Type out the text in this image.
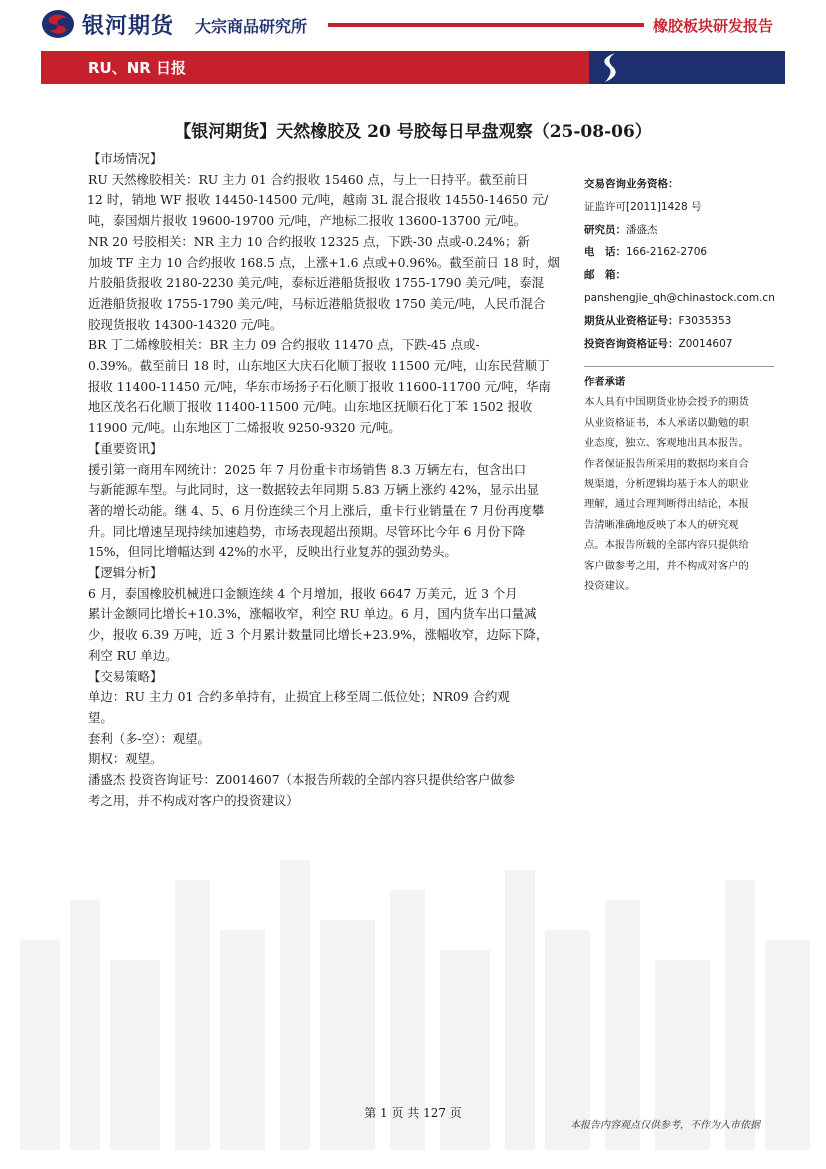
银河期货 大宗商品研究所	橡胶板块研发报告
RU、NR 日报
【银河期货】天然橡胶及 20 号胶每日早盘观察（25-08-06）

【市场情况】

RU 天然橡胶相关：RU 主力 01 合约报收 15460 点，与上一日持平。截至前日

12 时，销地 WF 报收 14450-14500 元/吨，越南 3L 混合报收 14550-14650 元/

吨，泰国烟片报收 19600-19700 元/吨，产地标二报收 13600-13700 元/吨。

NR 20 号胶相关：NR 主力 10 合约报收 12325 点，下跌-30 点或-0.24%；新

加坡 TF 主力 10 合约报收 168.5 点，上涨+1.6 点或+0.96%。截至前日 18 时，烟

片胶船货报收 2180-2230 美元/吨，泰标近港船货报收 1755-1790 美元/吨，泰混

近港船货报收 1755-1790 美元/吨，马标近港船货报收 1750 美元/吨，人民币混合

胶现货报收 14300-14320 元/吨。

BR 丁二烯橡胶相关：BR 主力 09 合约报收 11470 点，下跌-45 点或-

0.39%。截至前日 18 时，山东地区大庆石化顺丁报收 11500 元/吨，山东民营顺丁

报收 11400-11450 元/吨，华东市场扬子石化顺丁报收 11600-11700 元/吨，华南

地区茂名石化顺丁报收 11400-11500 元/吨。山东地区抚顺石化丁苯 1502 报收

11900 元/吨。山东地区丁二烯报收 9250-9320 元/吨。

【重要资讯】

援引第一商用车网统计：2025 年 7 月份重卡市场销售 8.3 万辆左右，包含出口

与新能源车型。与此同时，这一数据较去年同期 5.83 万辆上涨约 42%，显示出显

著的增长动能。继 4、5、6 月份连续三个月上涨后，重卡行业销量在 7 月份再度攀

升。同比增速呈现持续加速趋势，市场表现超出预期。尽管环比今年 6 月份下降

15%，但同比增幅达到 42%的水平，反映出行业复苏的强劲势头。

【逻辑分析】

6 月，泰国橡胶机械进口金额连续 4 个月增加，报收 6647 万美元，近 3 个月

累计金额同比增长+10.3%，涨幅收窄，利空 RU 单边。6 月，国内货车出口量减

少，报收 6.39 万吨，近 3 个月累计数量同比增长+23.9%，涨幅收窄，边际下降，

利空 RU 单边。

【交易策略】

单边：RU 主力 01 合约多单持有，止损宜上移至周二低位处；NR09 合约观

望。

套利（多-空）：观望。

期权：观望。

潘盛杰 投资咨询证号：Z0014607（本报告所载的全部内容只提供给客户做参

考之用，并不构成对客户的投资建议）

交易咨询业务资格：
证监许可[2011]1428 号
研究员：潘盛杰
电　话：166-2162-2706
邮　箱：
panshengjie_qh@chinastock.com.cn
期货从业资格证号：F3035353
投资咨询资格证号：Z0014607
作者承诺
本人具有中国期货业协会授予的期货
从业资格证书，本人承诺以勤勉的职
业态度，独立、客观地出具本报告。
作者保证报告所采用的数据均来自合
规渠道，分析逻辑均基于本人的职业
理解，通过合理判断得出结论，本报
告清晰准确地反映了本人的研究观
点。本报告所载的全部内容只提供给
客户做参考之用，并不构成对客户的
投资建议。
第 1 页 共 127 页
本报告内容观点仅供参考，不作为入市依据
